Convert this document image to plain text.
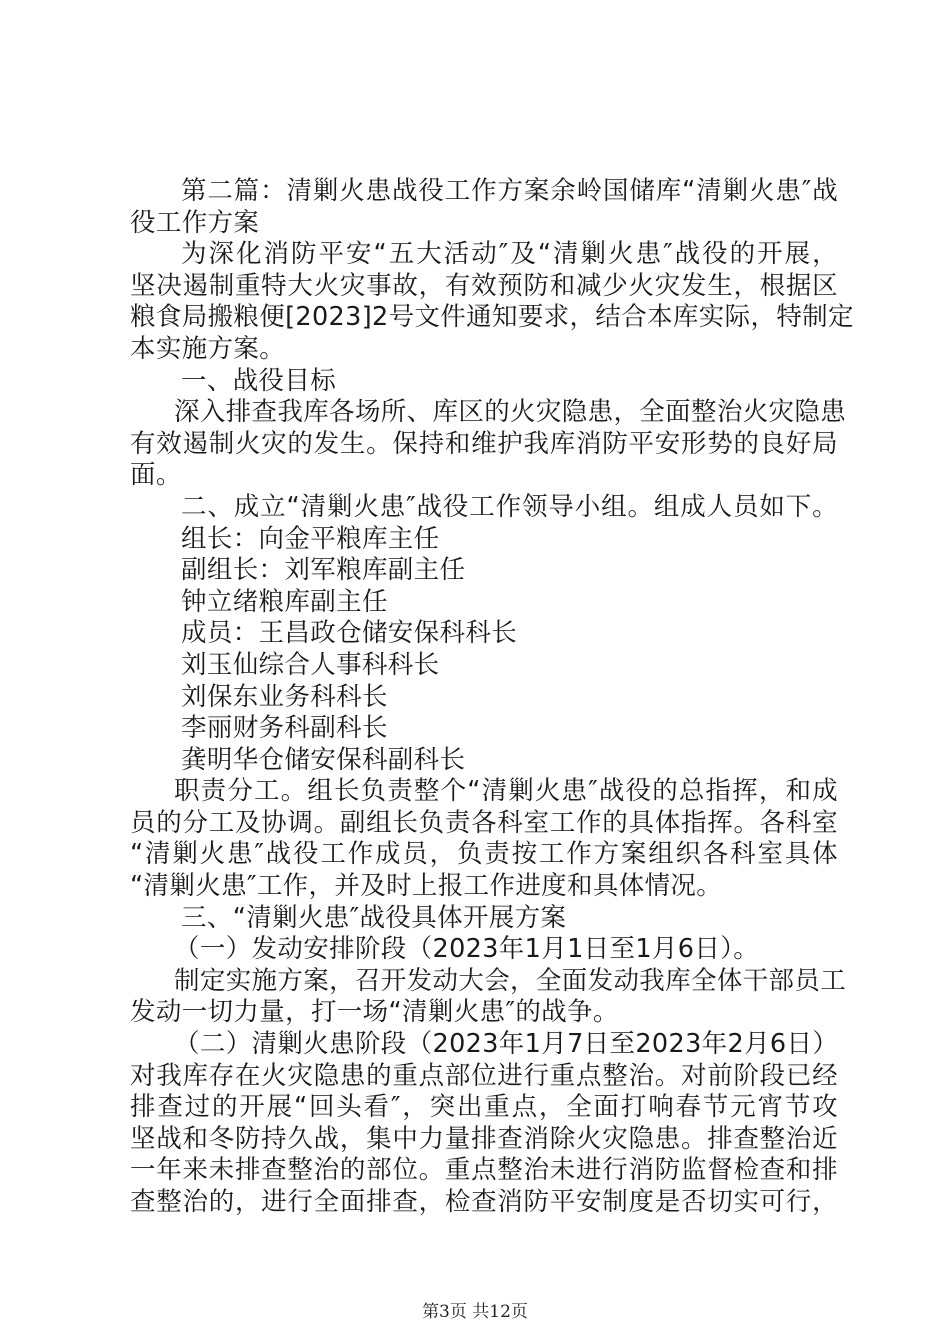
第二篇：清剿火患战役工作方案余岭国储库“清剿火患″战
役工作方案
为深化消防平安“五大活动″及“清剿火患″战役的开展，
坚决遏制重特大火灾事故，有效预防和减少火灾发生，根据区
粮食局搬粮便[2023]2号文件通知要求，结合本库实际，特制定
本实施方案。
一、战役目标
深入排查我库各场所、库区的火灾隐患，全面整治火灾隐患
有效遏制火灾的发生。保持和维护我库消防平安形势的良好局
面。
二、成立“清剿火患″战役工作领导小组。组成人员如下。
组长：向金平粮库主任
副组长：刘军粮库副主任
钟立绪粮库副主任
成员：王昌政仓储安保科科长
刘玉仙综合人事科科长
刘保东业务科科长
李丽财务科副科长
龚明华仓储安保科副科长
职责分工。组长负责整个“清剿火患″战役的总指挥，和成
员的分工及协调。副组长负责各科室工作的具体指挥。各科室
“清剿火患″战役工作成员，负责按工作方案组织各科室具体
“清剿火患″工作，并及时上报工作进度和具体情况。
三、“清剿火患″战役具体开展方案
（一）发动安排阶段（2023年1月1日至1月6日）。
制定实施方案，召开发动大会，全面发动我库全体干部员工
发动一切力量，打一场“清剿火患″的战争。
（二）清剿火患阶段（2023年1月7日至2023年2月6日）
对我库存在火灾隐患的重点部位进行重点整治。对前阶段已经
排查过的开展“回头看″，突出重点，全面打响春节元宵节攻
坚战和冬防持久战，集中力量排查消除火灾隐患。排查整治近
一年来未排查整治的部位。重点整治未进行消防监督检查和排
查整治的，进行全面排查，检查消防平安制度是否切实可行，
第3页 共12页
